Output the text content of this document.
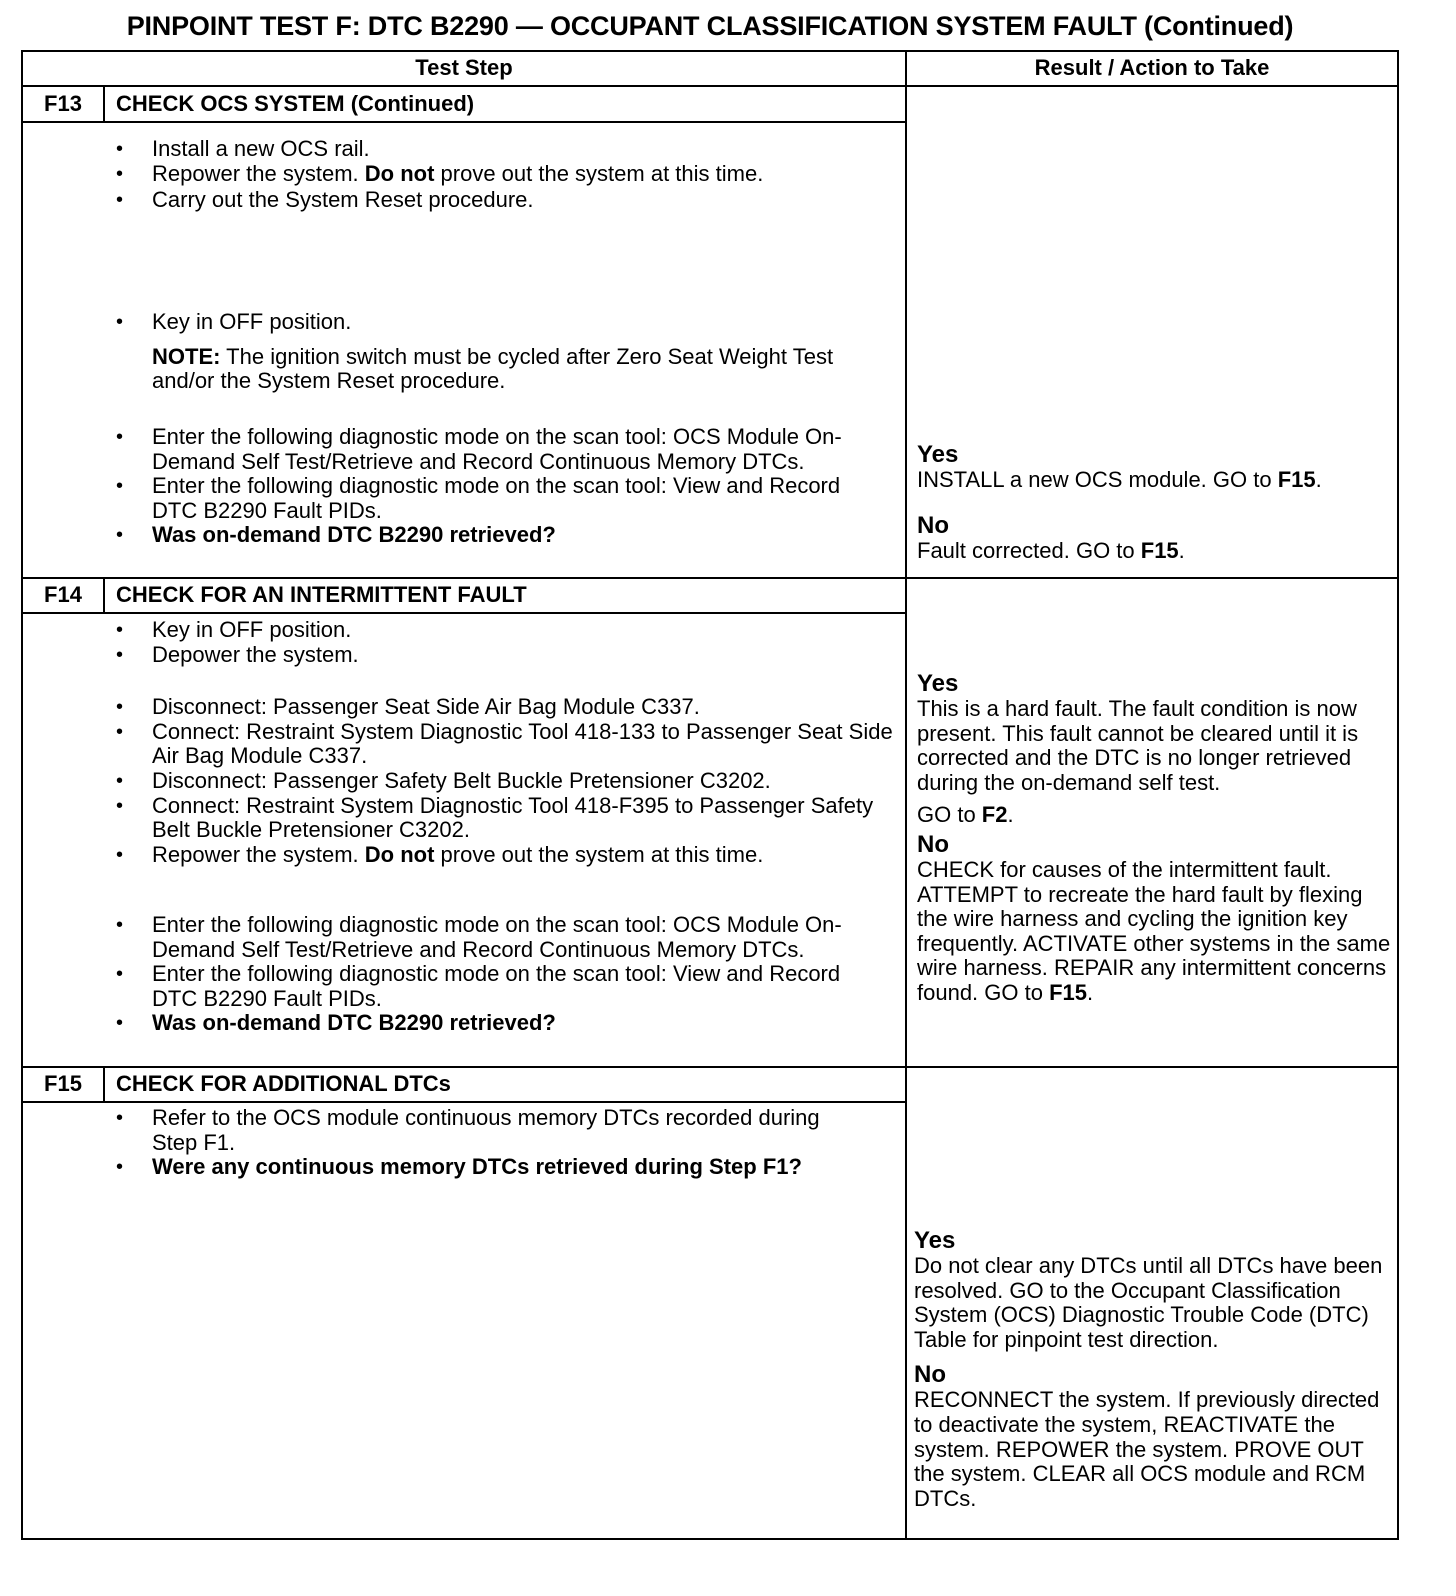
PINPOINT TEST F: DTC B2290 — OCCUPANT CLASSIFICATION SYSTEM FAULT (Continued)
Test Step	Result / Action to Take
F13	CHECK OCS SYSTEM (Continued)
• Install a new OCS rail.
• Repower the system. Do not prove out the system at this time.
• Carry out the System Reset procedure.
• Key in OFF position.
NOTE: The ignition switch must be cycled after Zero Seat Weight Test and/or the System Reset procedure.
• Enter the following diagnostic mode on the scan tool: OCS Module On-Demand Self Test/Retrieve and Record Continuous Memory DTCs.
• Enter the following diagnostic mode on the scan tool: View and Record DTC B2290 Fault PIDs.
• Was on-demand DTC B2290 retrieved?
Yes
INSTALL a new OCS module. GO to F15.
No
Fault corrected. GO to F15.
F14	CHECK FOR AN INTERMITTENT FAULT
• Key in OFF position.
• Depower the system.
• Disconnect: Passenger Seat Side Air Bag Module C337.
• Connect: Restraint System Diagnostic Tool 418-133 to Passenger Seat Side Air Bag Module C337.
• Disconnect: Passenger Safety Belt Buckle Pretensioner C3202.
• Connect: Restraint System Diagnostic Tool 418-F395 to Passenger Safety Belt Buckle Pretensioner C3202.
• Repower the system. Do not prove out the system at this time.
• Enter the following diagnostic mode on the scan tool: OCS Module On-Demand Self Test/Retrieve and Record Continuous Memory DTCs.
• Enter the following diagnostic mode on the scan tool: View and Record DTC B2290 Fault PIDs.
• Was on-demand DTC B2290 retrieved?
Yes
This is a hard fault. The fault condition is now present. This fault cannot be cleared until it is corrected and the DTC is no longer retrieved during the on-demand self test.
GO to F2.
No
CHECK for causes of the intermittent fault. ATTEMPT to recreate the hard fault by flexing the wire harness and cycling the ignition key frequently. ACTIVATE other systems in the same wire harness. REPAIR any intermittent concerns found. GO to F15.
F15	CHECK FOR ADDITIONAL DTCs
• Refer to the OCS module continuous memory DTCs recorded during Step F1.
• Were any continuous memory DTCs retrieved during Step F1?
Yes
Do not clear any DTCs until all DTCs have been resolved. GO to the Occupant Classification System (OCS) Diagnostic Trouble Code (DTC) Table for pinpoint test direction.
No
RECONNECT the system. If previously directed to deactivate the system, REACTIVATE the system. REPOWER the system. PROVE OUT the system. CLEAR all OCS module and RCM DTCs.
